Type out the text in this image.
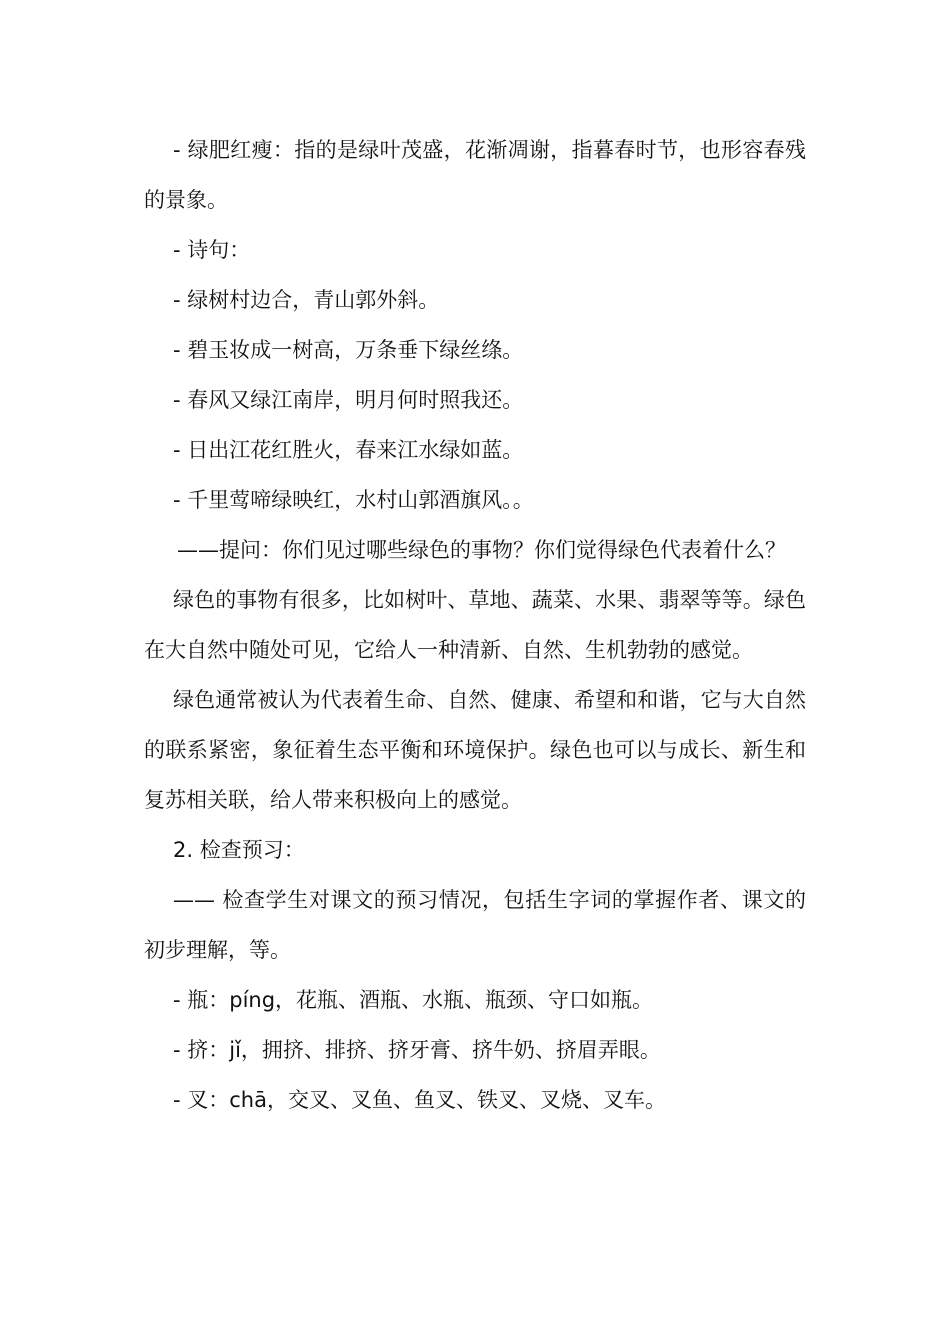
- 绿肥红瘦：指的是绿叶茂盛，花渐凋谢，指暮春时节，也形容春残的景象。

- 诗句：

- 绿树村边合，青山郭外斜。

- 碧玉妆成一树高，万条垂下绿丝绦。

- 春风又绿江南岸，明月何时照我还。

- 日出江花红胜火，春来江水绿如蓝。

- 千里莺啼绿映红，水村山郭酒旗风。。

——提问：你们见过哪些绿色的事物？你们觉得绿色代表着什么？

绿色的事物有很多，比如树叶、草地、蔬菜、水果、翡翠等等。绿色在大自然中随处可见，它给人一种清新、自然、生机勃勃的感觉。

绿色通常被认为代表着生命、自然、健康、希望和和谐，它与大自然的联系紧密，象征着生态平衡和环境保护。绿色也可以与成长、新生和复苏相关联，给人带来积极向上的感觉。

2. 检查预习：

—— 检查学生对课文的预习情况，包括生字词的掌握作者、课文的初步理解，等。

- 瓶：píng，花瓶、酒瓶、水瓶、瓶颈、守口如瓶。

- 挤：jǐ，拥挤、排挤、挤牙膏、挤牛奶、挤眉弄眼。

- 叉：chā，交叉、叉鱼、鱼叉、铁叉、叉烧、叉车。
